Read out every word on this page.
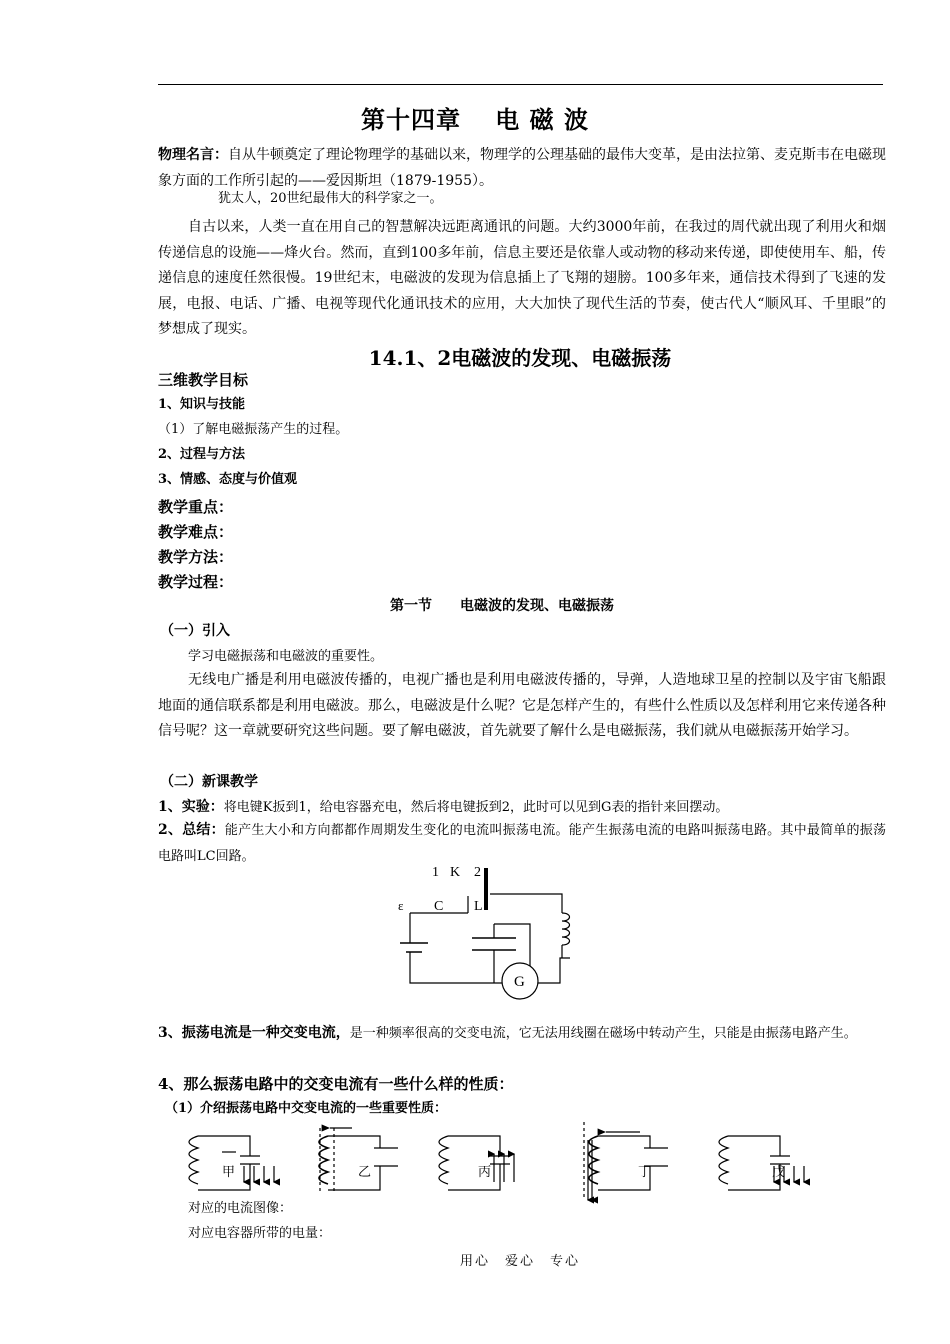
第十四章　 电 磁 波
物理名言：自从牛顿奠定了理论物理学的基础以来，物理学的公理基础的最伟大变革，是由法拉第、麦克斯韦在电磁现象方面的工作所引起的——爱因斯坦（1879-1955）。
犹太人，20世纪最伟大的科学家之一。
自古以来，人类一直在用自己的智慧解决远距离通讯的问题。大约3000年前，在我过的周代就出现了利用火和烟传递信息的设施——烽火台。然而，直到100多年前，信息主要还是依靠人或动物的移动来传递，即使使用车、船，传递信息的速度任然很慢。19世纪末，电磁波的发现为信息插上了飞翔的翅膀。100多年来，通信技术得到了飞速的发展，电报、电话、广播、电视等现代化通讯技术的应用，大大加快了现代生活的节奏，使古代人“顺风耳、千里眼”的梦想成了现实。
14.1、2电磁波的发现、电磁振荡
三维教学目标
1、知识与技能
（1）了解电磁振荡产生的过程。
2、过程与方法
3、情感、态度与价值观
教学重点：
教学难点：
教学方法：
教学过程：
第一节　　电磁波的发现、电磁振荡
（一）引入
学习电磁振荡和电磁波的重要性。
无线电广播是利用电磁波传播的，电视广播也是利用电磁波传播的，导弹，人造地球卫星的控制以及宇宙飞船跟地面的通信联系都是利用电磁波。那么，电磁波是什么呢？它是怎样产生的，有些什么性质以及怎样利用它来传递各种信号呢？这一章就要研究这些问题。要了解电磁波，首先就要了解什么是电磁振荡，我们就从电磁振荡开始学习。
（二）新课教学
1、实验：将电键K扳到1，给电容器充电，然后将电键扳到2，此时可以见到G表的指针来回摆动。
2、总结：能产生大小和方向都都作周期发生变化的电流叫振荡电流。能产生振荡电流的电路叫振荡电路。其中最简单的振荡电路叫LC回路。
1 K 2
ε C L
G
3、振荡电流是一种交变电流，是一种频率很高的交变电流，它无法用线圈在磁场中转动产生，只能是由振荡电路产生。
4、那么振荡电路中的交变电流有一些什么样的性质：
（1）介绍振荡电路中交变电流的一些重要性质：
甲	乙	丙	丁	戊
对应的电流图像：
对应电容器所带的电量：
用心　爱心　专心
